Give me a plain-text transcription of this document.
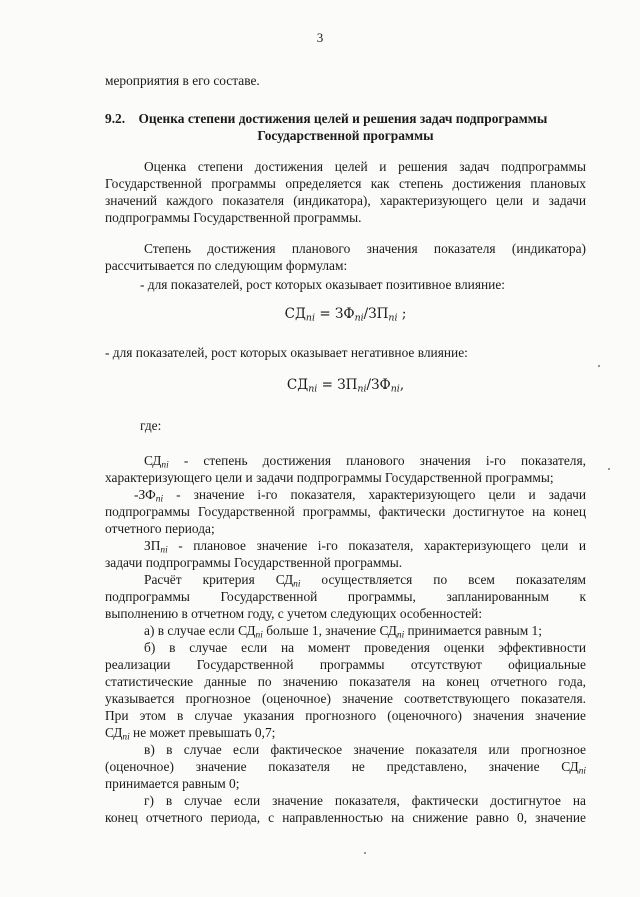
3
мероприятия в его составе.
9.2. Оценка степени достижения целей и решения задач подпрограммы
Государственной программы
Оценка степени достижения целей и решения задач подпрограммы
Государственной программы определяется как степень достижения плановых
значений каждого показателя (индикатора), характеризующего цели и задачи
подпрограммы Государственной программы.
Степень достижения планового значения показателя (индикатора)
рассчитывается по следующим формулам:
- для показателей, рост которых оказывает позитивное влияние:
$СД_{пi} = ЗФ_{пi}/ЗП_{пi}$ ;
- для показателей, рост которых оказывает негативное влияние:
$СД_{пi} = ЗП_{пi}/ЗФ_{пi}$,
где:
$СД_{пi}$ - степень достижения планового значения i-го показателя,
характеризующего цели и задачи подпрограммы Государственной программы;
$-ЗФ_{пi}$ - значение i-го показателя, характеризующего цели и задачи
подпрограммы Государственной программы, фактически достигнутое на конец
отчетного периода;
$ЗП_{пi}$ - плановое значение i-го показателя, характеризующего цели и
задачи подпрограммы Государственной программы.
Расчёт критерия $СД_{пi}$ осуществляется по всем показателям
подпрограммы Государственной программы, запланированным к
выполнению в отчетном году, с учетом следующих особенностей:
а) в случае если $СД_{пi}$ больше 1, значение $СД_{пi}$ принимается равным 1;
б) в случае если на момент проведения оценки эффективности
реализации Государственной программы отсутствуют официальные
статистические данные по значению показателя на конец отчетного года,
указывается прогнозное (оценочное) значение соответствующего показателя.
При этом в случае указания прогнозного (оценочного) значения значение
$СД_{пi}$ не может превышать 0,7;
в) в случае если фактическое значение показателя или прогнозное
(оценочное) значение показателя не представлено, значение $СД_{пi}$
принимается равным 0;
г) в случае если значение показателя, фактически достигнутое на
конец отчетного периода, с направленностью на снижение равно 0, значение
